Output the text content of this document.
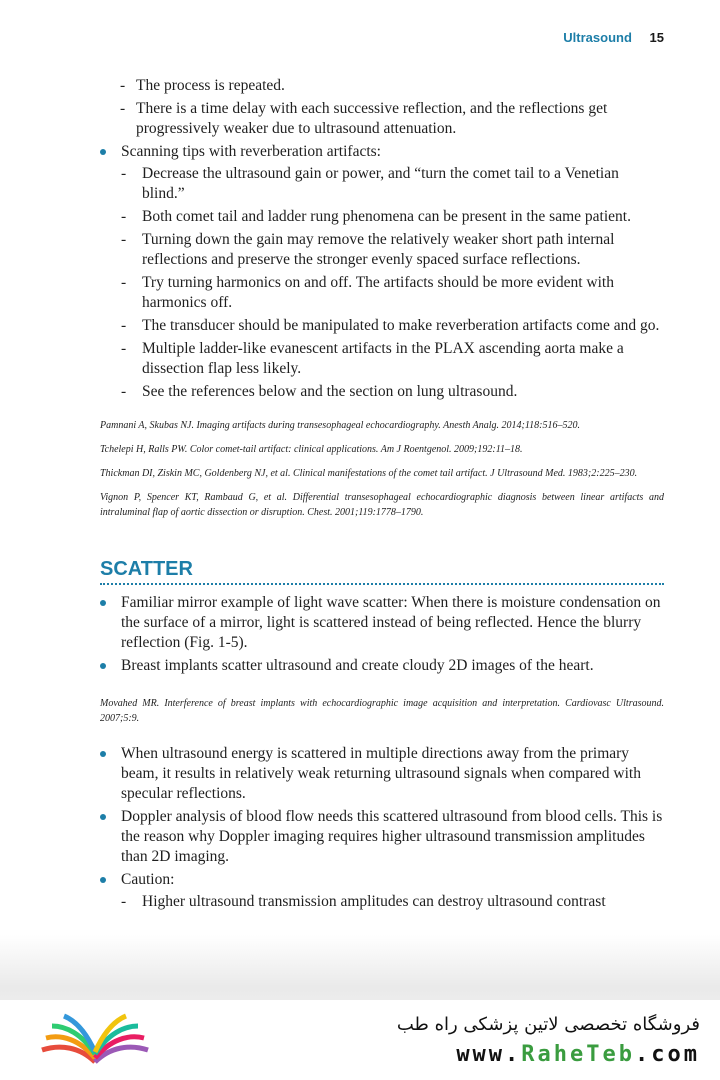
Ultrasound 15
- The process is repeated.
- There is a time delay with each successive reflection, and the reflections get progressively weaker due to ultrasound attenuation.
Scanning tips with reverberation artifacts:
- Decrease the ultrasound gain or power, and “turn the comet tail to a Venetian blind.”
- Both comet tail and ladder rung phenomena can be present in the same patient.
- Turning down the gain may remove the relatively weaker short path internal reflections and preserve the stronger evenly spaced surface reflections.
- Try turning harmonics on and off. The artifacts should be more evident with harmonics off.
- The transducer should be manipulated to make reverberation artifacts come and go.
- Multiple ladder-like evanescent artifacts in the PLAX ascending aorta make a dissection flap less likely.
- See the references below and the section on lung ultrasound.

Pamnani A, Skubas NJ. Imaging artifacts during transesophageal echocardiography. Anesth Analg. 2014;118:516–520.

Tchelepi H, Ralls PW. Color comet-tail artifact: clinical applications. Am J Roentgenol. 2009;192:11–18.

Thickman DI, Ziskin MC, Goldenberg NJ, et al. Clinical manifestations of the comet tail artifact. J Ultrasound Med. 1983;2:225–230.

Vignon P, Spencer KT, Rambaud G, et al. Differential transesophageal echocardiographic diagnosis between linear artifacts and intraluminal flap of aortic dissection or disruption. Chest. 2001;119:1778–1790.

SCATTER
Familiar mirror example of light wave scatter: When there is moisture condensation on the surface of a mirror, light is scattered instead of being reflected. Hence the blurry reflection (Fig. 1-5).
Breast implants scatter ultrasound and create cloudy 2D images of the heart.

Movahed MR. Interference of breast implants with echocardiographic image acquisition and interpretation. Cardiovasc Ultrasound. 2007;5:9.

When ultrasound energy is scattered in multiple directions away from the primary beam, it results in relatively weak returning ultrasound signals when compared with specular reflections.
Doppler analysis of blood flow needs this scattered ultrasound from blood cells. This is the reason why Doppler imaging requires higher ultrasound transmission amplitudes than 2D imaging.
Caution:
- Higher ultrasound transmission amplitudes can destroy ultrasound contrast
فروشگاه تخصصی لاتین پزشکی راه طب
www.RaheTeb.com
